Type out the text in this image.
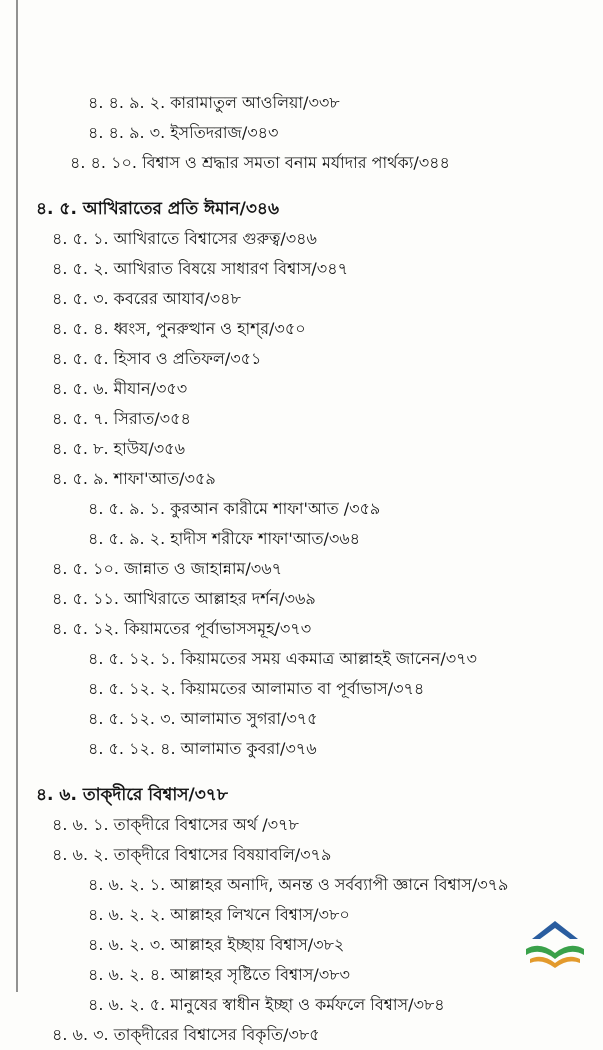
৪. ৪. ৯. ২. কারামাতুল আওলিয়া/৩৩৮
৪. ৪. ৯. ৩. ইসতিদরাজ/৩৪৩
৪. ৪. ১০. বিশ্বাস ও শ্রদ্ধার সমতা বনাম মর্যাদার পার্থক্য/৩৪৪
৪. ৫. আখিরাতের প্রতি ঈমান/৩৪৬
৪. ৫. ১. আখিরাতে বিশ্বাসের গুরুত্ব/৩৪৬
৪. ৫. ২. আখিরাত বিষয়ে সাধারণ বিশ্বাস/৩৪৭
৪. ৫. ৩. কবরের আযাব/৩৪৮
৪. ৫. ৪. ধ্বংস, পুনরুত্থান ও হাশ্‌র/৩৫০
৪. ৫. ৫. হিসাব ও প্রতিফল/৩৫১
৪. ৫. ৬. মীযান/৩৫৩
৪. ৫. ৭. সিরাত/৩৫৪
৪. ৫. ৮. হাউয/৩৫৬
৪. ৫. ৯. শাফা'আত/৩৫৯
৪. ৫. ৯. ১. কুরআন কারীমে শাফা'আত /৩৫৯
৪. ৫. ৯. ২. হাদীস শরীফে শাফা'আত/৩৬৪
৪. ৫. ১০. জান্নাত ও জাহান্নাম/৩৬৭
৪. ৫. ১১. আখিরাতে আল্লাহর দর্শন/৩৬৯
৪. ৫. ১২. কিয়ামতের পূর্বাভাসসমূহ/৩৭৩
৪. ৫. ১২. ১. কিয়ামতের সময় একমাত্র আল্লাহই জানেন/৩৭৩
৪. ৫. ১২. ২. কিয়ামতের আলামাত বা পূর্বাভাস/৩৭৪
৪. ৫. ১২. ৩. আলামাত সুগরা/৩৭৫
৪. ৫. ১২. ৪. আলামাত কুবরা/৩৭৬
৪. ৬. তাক্‌দীরে বিশ্বাস/৩৭৮
৪. ৬. ১. তাক্‌দীরে বিশ্বাসের অর্থ /৩৭৮
৪. ৬. ২. তাক্‌দীরে বিশ্বাসের বিষয়াবলি/৩৭৯
৪. ৬. ২. ১. আল্লাহর অনাদি, অনন্ত ও সর্বব্যাপী জ্ঞানে বিশ্বাস/৩৭৯
৪. ৬. ২. ২. আল্লাহর লিখনে বিশ্বাস/৩৮০
৪. ৬. ২. ৩. আল্লাহর ইচ্ছায় বিশ্বাস/৩৮২
৪. ৬. ২. ৪. আল্লাহর সৃষ্টিতে বিশ্বাস/৩৮৩
৪. ৬. ২. ৫. মানুষের স্বাধীন ইচ্ছা ও কর্মফলে বিশ্বাস/৩৮৪
৪. ৬. ৩. তাক্‌দীরের বিশ্বাসের বিকৃতি/৩৮৫
